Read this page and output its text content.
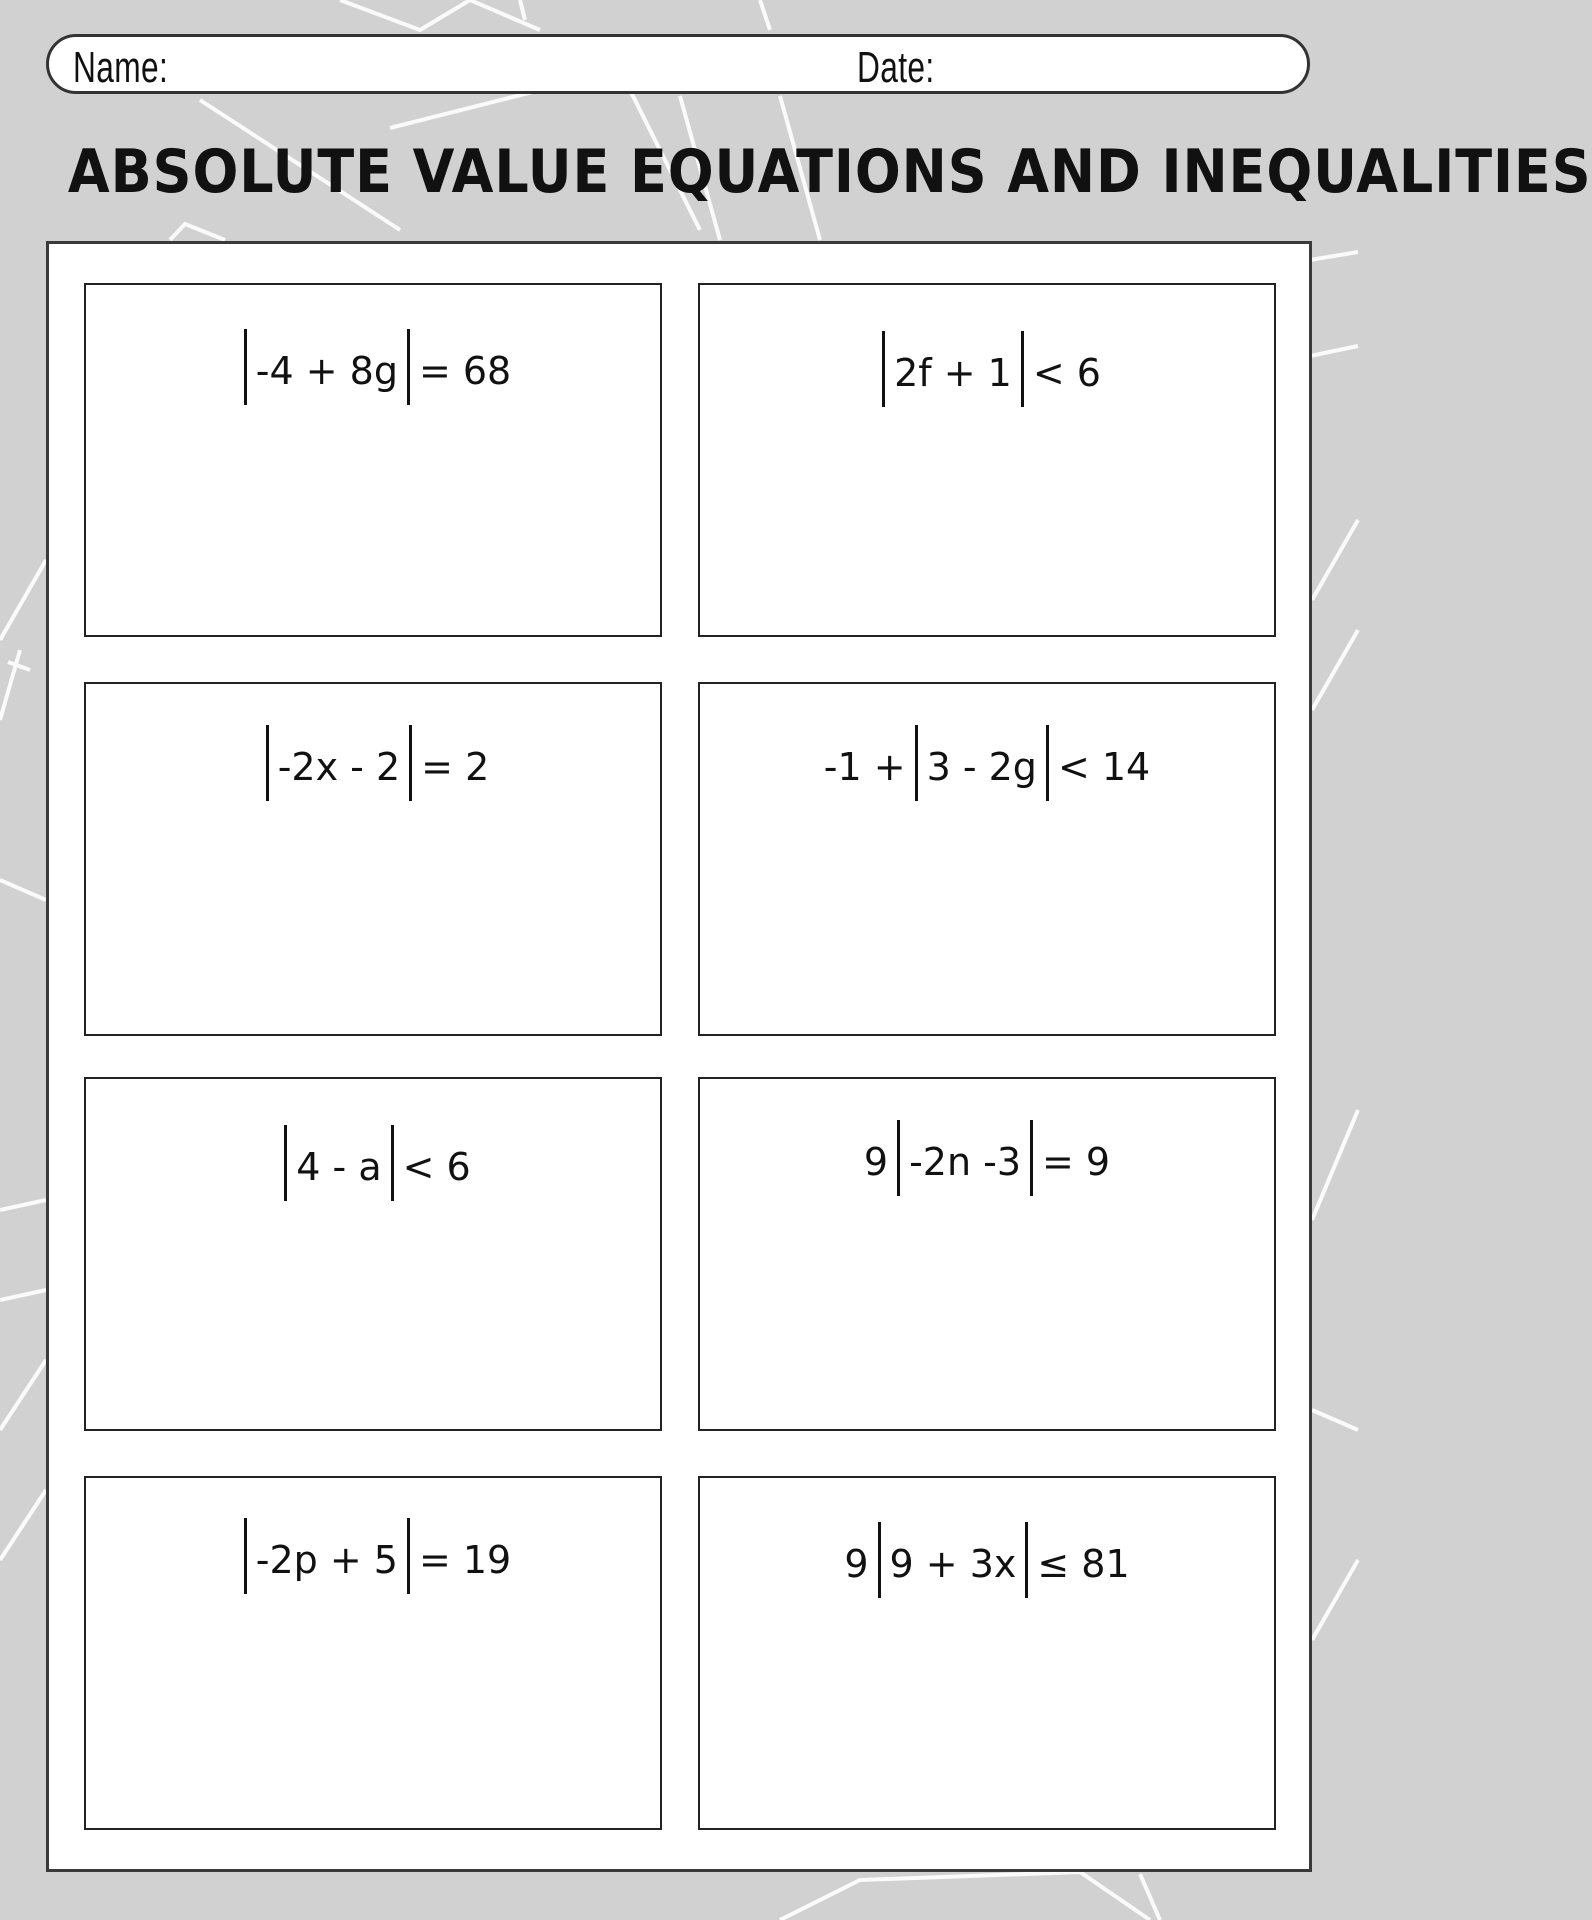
Name:	Date:
ABSOLUTE VALUE EQUATIONS AND INEQUALITIES
-4 + 8g = 68	2f + 1 < 6
-2x - 2 = 2	-1 + 3 - 2g < 14
4 - a < 6	9 -2n -3 = 9
-2p + 5 = 19	9 9 + 3x ≤ 81
